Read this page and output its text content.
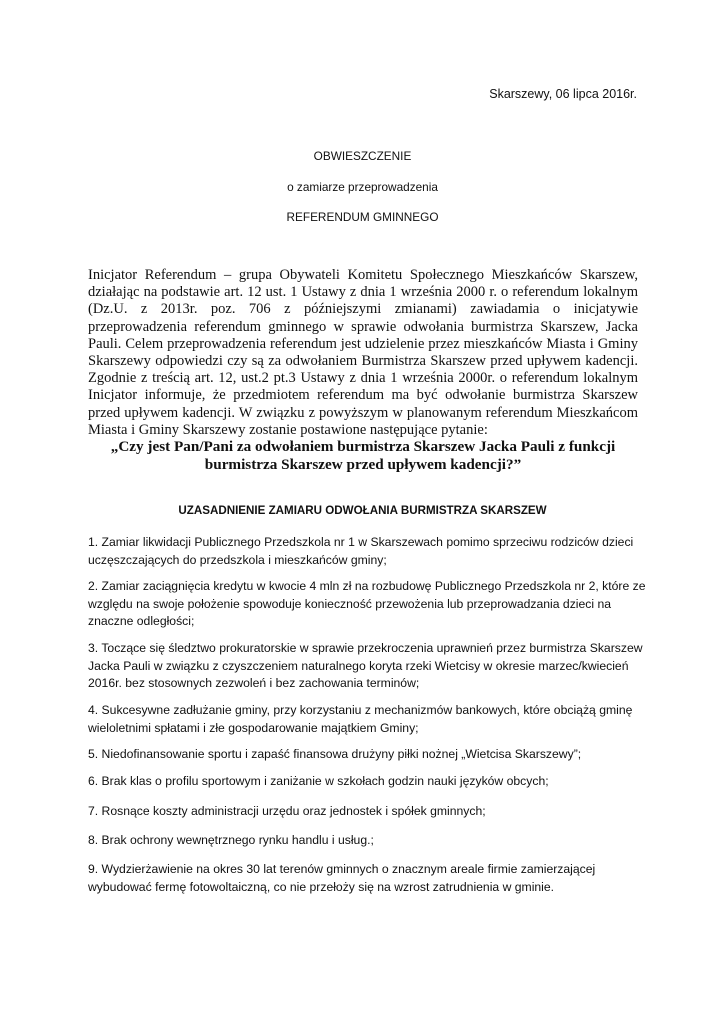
Skarszewy, 06 lipca 2016r.
OBWIESZCZENIE
o zamiarze przeprowadzenia
REFERENDUM GMINNEGO
Inicjator Referendum – grupa Obywateli Komitetu Społecznego Mieszkańców Skarszew, działając na podstawie art. 12 ust. 1 Ustawy z dnia 1 września 2000 r. o referendum lokalnym (Dz.U. z 2013r. poz. 706 z późniejszymi zmianami) zawiadamia o inicjatywie przeprowadzenia referendum gminnego w sprawie odwołania burmistrza Skarszew, Jacka Pauli. Celem przeprowadzenia referendum jest udzielenie przez mieszkańców Miasta i Gminy Skarszewy odpowiedzi czy są za odwołaniem Burmistrza Skarszew przed upływem kadencji. Zgodnie z treścią art. 12, ust.2 pt.3 Ustawy z dnia 1 września 2000r. o referendum lokalnym Inicjator informuje, że przedmiotem referendum ma być odwołanie burmistrza Skarszew przed upływem kadencji. W związku z powyższym w planowanym referendum Mieszkańcom Miasta i Gminy Skarszewy zostanie postawione następujące pytanie:
„Czy jest Pan/Pani za odwołaniem burmistrza Skarszew Jacka Pauli z funkcji burmistrza Skarszew przed upływem kadencji?”
UZASADNIENIE ZAMIARU ODWOŁANIA BURMISTRZA SKARSZEW
1. Zamiar likwidacji Publicznego Przedszkola nr 1 w Skarszewach pomimo sprzeciwu rodziców dzieci uczęszczających do przedszkola i mieszkańców gminy;
2. Zamiar zaciągnięcia kredytu w kwocie 4 mln zł na rozbudowę Publicznego Przedszkola nr 2, które ze względu na swoje położenie spowoduje konieczność przewożenia lub przeprowadzania dzieci na znaczne odległości;
3. Toczące się śledztwo prokuratorskie w sprawie przekroczenia uprawnień przez burmistrza Skarszew Jacka Pauli w związku z czyszczeniem naturalnego koryta rzeki Wietcisy w okresie marzec/kwiecień 2016r. bez stosownych zezwoleń i bez zachowania terminów;
4. Sukcesywne zadłużanie gminy, przy korzystaniu z mechanizmów bankowych, które obciążą gminę wieloletnimi spłatami i złe gospodarowanie majątkiem Gminy;
5. Niedofinansowanie sportu i zapaść finansowa drużyny piłki nożnej „Wietcisa Skarszewy”;
6. Brak klas o profilu sportowym i zaniżanie w szkołach godzin nauki języków obcych;
7. Rosnące koszty administracji urzędu oraz jednostek i spółek gminnych;
8. Brak ochrony wewnętrznego rynku handlu i usług.;
9. Wydzierżawienie na okres 30 lat terenów gminnych o znacznym areale firmie zamierzającej wybudować fermę fotowoltaiczną, co nie przełoży się na wzrost zatrudnienia w gminie.
